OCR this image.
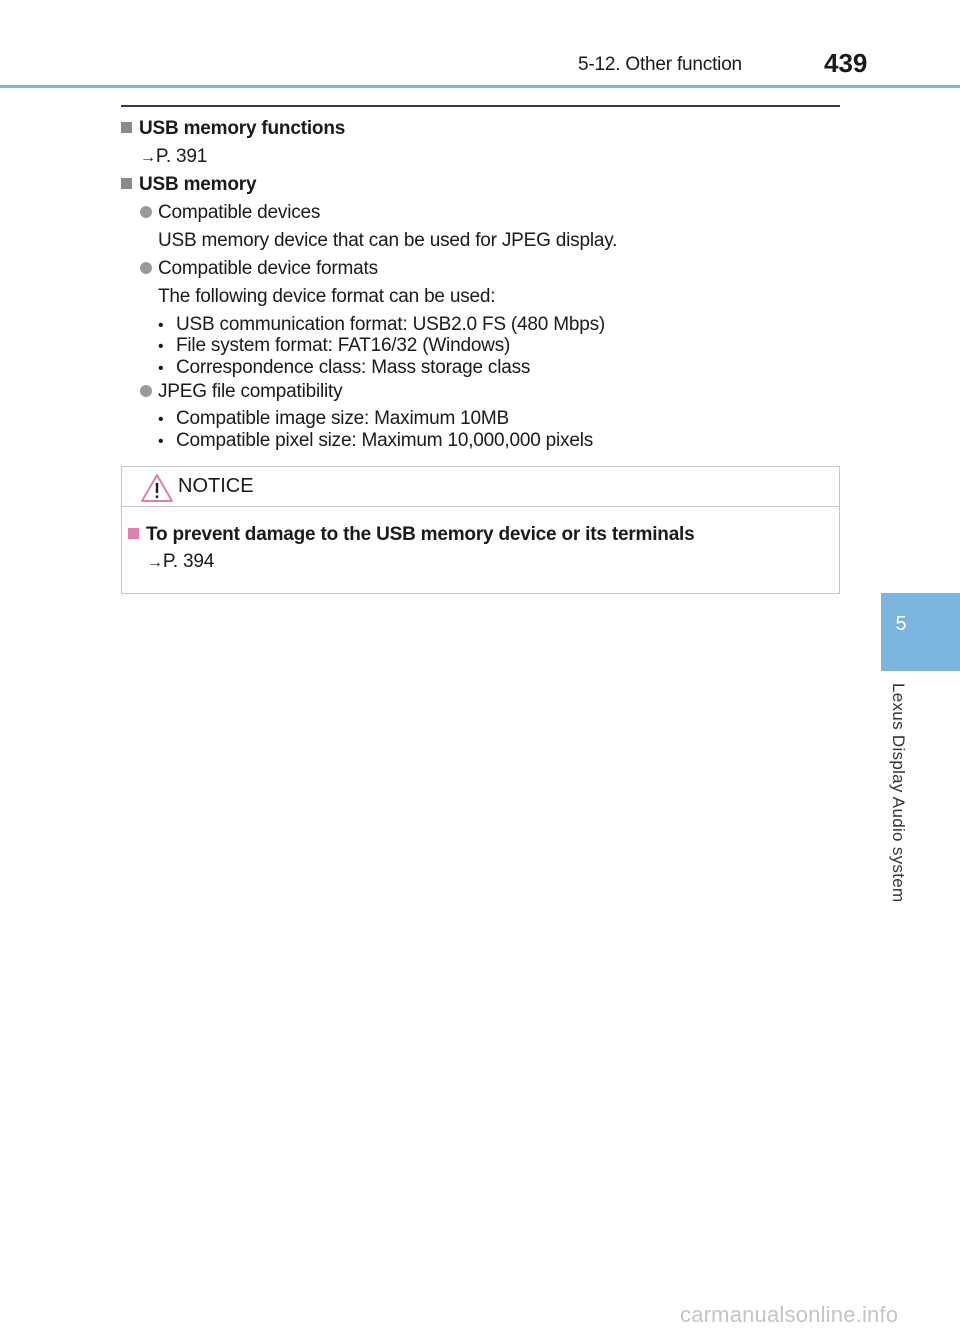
5-12. Other function	439
5
Lexus Display Audio system
USB memory functions
→P. 391
USB memory
Compatible devices
USB memory device that can be used for JPEG display.
Compatible device formats
The following device format can be used:
• USB communication format: USB2.0 FS (480 Mbps)
• File system format: FAT16/32 (Windows)
• Correspondence class: Mass storage class
JPEG file compatibility
• Compatible image size: Maximum 10MB
• Compatible pixel size: Maximum 10,000,000 pixels
NOTICE
To prevent damage to the USB memory device or its terminals
→P. 394
carmanualsonline.info
